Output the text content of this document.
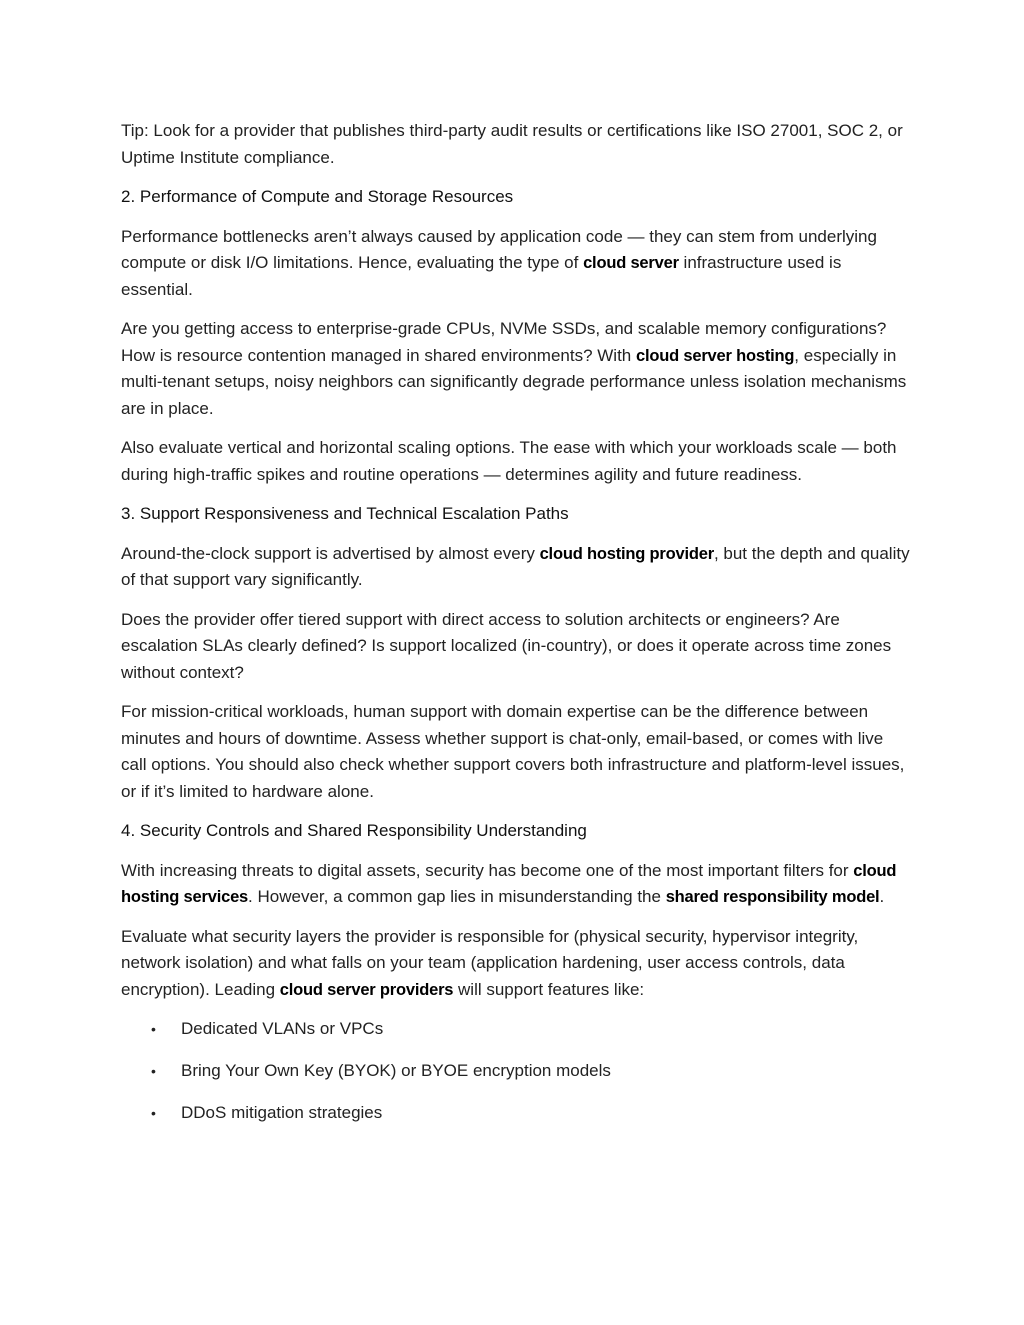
Tip: Look for a provider that publishes third-party audit results or certifications like ISO 27001, SOC 2, or Uptime Institute compliance.

2. Performance of Compute and Storage Resources

Performance bottlenecks aren’t always caused by application code — they can stem from underlying compute or disk I/O limitations. Hence, evaluating the type of cloud server infrastructure used is essential.

Are you getting access to enterprise-grade CPUs, NVMe SSDs, and scalable memory configurations? How is resource contention managed in shared environments? With cloud server hosting, especially in multi-tenant setups, noisy neighbors can significantly degrade performance unless isolation mechanisms are in place.

Also evaluate vertical and horizontal scaling options. The ease with which your workloads scale — both during high-traffic spikes and routine operations — determines agility and future readiness.

3. Support Responsiveness and Technical Escalation Paths

Around-the-clock support is advertised by almost every cloud hosting provider, but the depth and quality of that support vary significantly.

Does the provider offer tiered support with direct access to solution architects or engineers? Are escalation SLAs clearly defined? Is support localized (in-country), or does it operate across time zones without context?

For mission-critical workloads, human support with domain expertise can be the difference between minutes and hours of downtime. Assess whether support is chat-only, email-based, or comes with live call options. You should also check whether support covers both infrastructure and platform-level issues, or if it’s limited to hardware alone.

4. Security Controls and Shared Responsibility Understanding

With increasing threats to digital assets, security has become one of the most important filters for cloud hosting services. However, a common gap lies in misunderstanding the shared responsibility model.

Evaluate what security layers the provider is responsible for (physical security, hypervisor integrity, network isolation) and what falls on your team (application hardening, user access controls, data encryption). Leading cloud server providers will support features like:

• Dedicated VLANs or VPCs
• Bring Your Own Key (BYOK) or BYOE encryption models
• DDoS mitigation strategies
